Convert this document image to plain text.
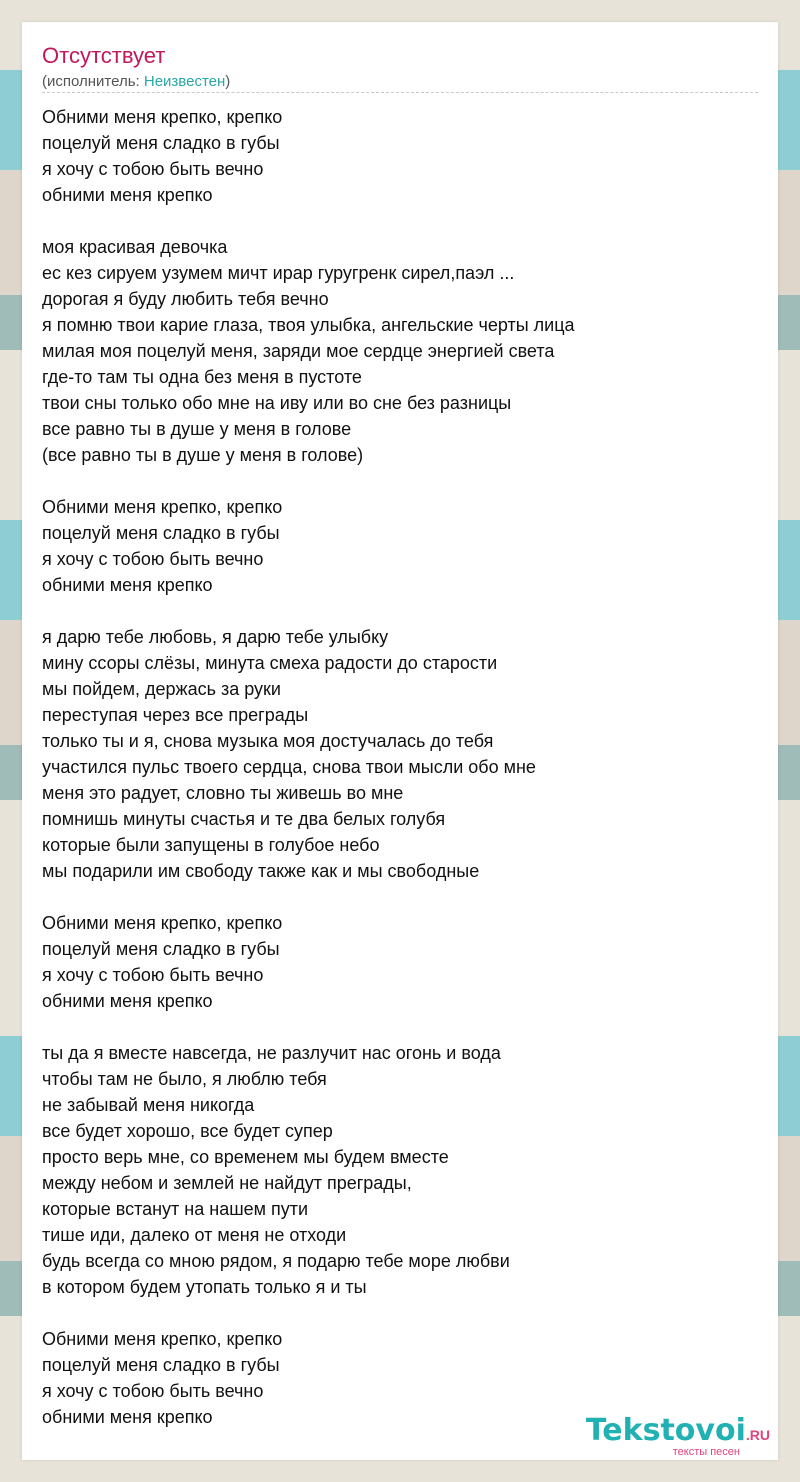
Отсутствует
(исполнитель: Неизвестен)
Обними меня крепко, крепко
поцелуй меня сладко в губы
я хочу с тобою быть вечно
обними меня крепко
моя красивая девочка
ес кез сируем узумем мичт ирар гуругренк сирел,паэл ...
дорогая я буду любить тебя вечно
я помню твои карие глаза, твоя улыбка, ангельские черты лица
милая моя поцелуй меня, заряди мое сердце энергией света
где-то там ты одна без меня в пустоте
твои сны только обо мне на иву или во сне без разницы
все равно ты в душе у меня в голове
(все равно ты в душе у меня в голове)
Обними меня крепко, крепко
поцелуй меня сладко в губы
я хочу с тобою быть вечно
обними меня крепко
я дарю тебе любовь, я дарю тебе улыбку
мину ссоры слёзы, минута смеха радости до старости
мы пойдем, держась за руки
переступая через все преграды
только ты и я, снова музыка моя достучалась до тебя
участился пульс твоего сердца, снова твои мысли обо мне
меня это радует, словно ты живешь во мне
помнишь минуты счастья и те два белых голубя
которые были запущены в голубое небо
мы подарили им свободу также как и мы свободные
Обними меня крепко, крепко
поцелуй меня сладко в губы
я хочу с тобою быть вечно
обними меня крепко
ты да я вместе навсегда, не разлучит нас огонь и вода
чтобы там не было, я люблю тебя
не забывай меня никогда
все будет хорошо, все будет супер
просто верь мне, со временем мы будем вместе
между небом и землей не найдут преграды,
которые встанут на нашем пути
тише иди, далеко от меня не отходи
будь всегда со мною рядом, я подарю тебе море любви
в котором будем утопать только я и ты
Обними меня крепко, крепко
поцелуй меня сладко в губы
я хочу с тобою быть вечно
обними меня крепко	Tekstovoi.RU
тексты песен
